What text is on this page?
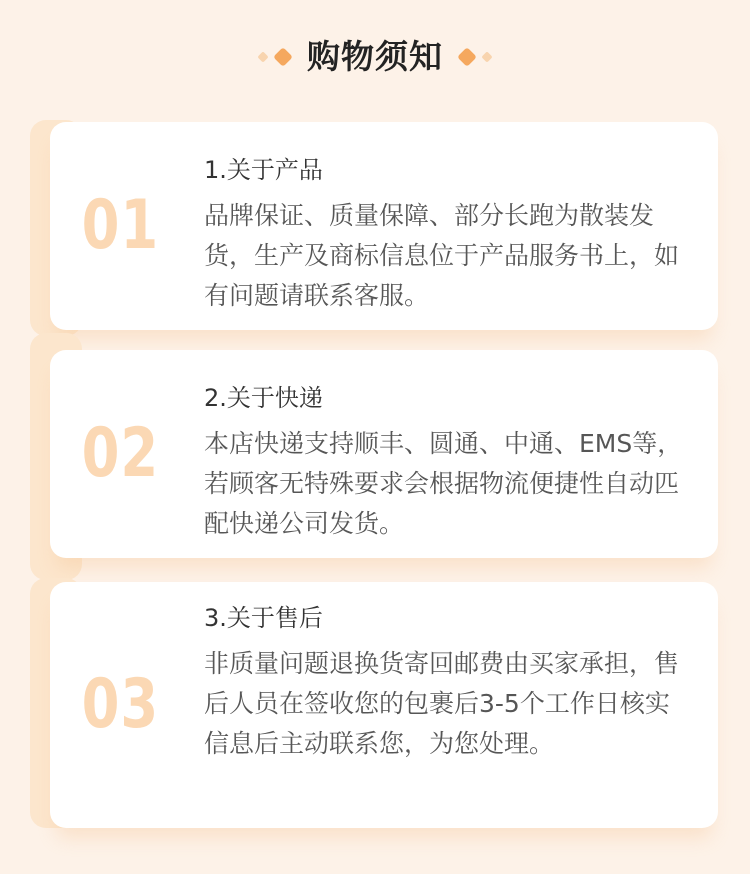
购物须知
01
1.关于产品

品牌保证、质量保障、部分长跑为散装发货，生产及商标信息位于产品服务书上，如有问题请联系客服。

02
2.关于快递

本店快递支持顺丰、圆通、中通、EMS等，若顾客无特殊要求会根据物流便捷性自动匹配快递公司发货。

03
3.关于售后

非质量问题退换货寄回邮费由买家承担，售后人员在签收您的包裹后3-5个工作日核实信息后主动联系您，为您处理。
